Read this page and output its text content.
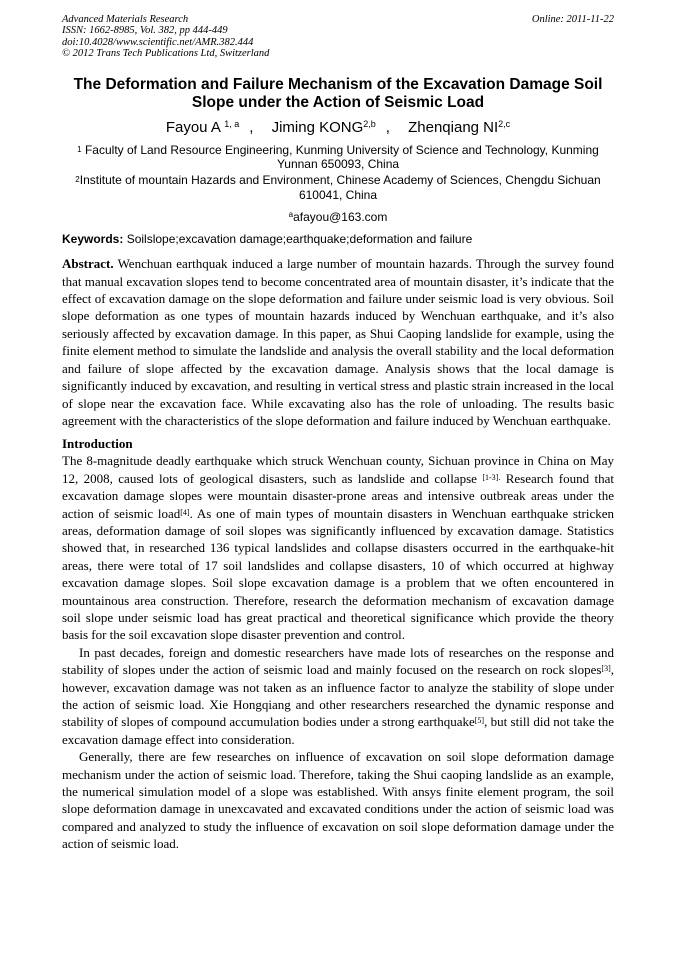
Advanced Materials Research
ISSN: 1662-8985, Vol. 382, pp 444-449
doi:10.4028/www.scientific.net/AMR.382.444
© 2012 Trans Tech Publications Ltd, Switzerland
Online: 2011-11-22
The Deformation and Failure Mechanism of the Excavation Damage Soil
Slope under the Action of Seismic Load
Fayou A $^{1, a}$ , Jiming KONG$^{2,b}$ , Zhenqiang NI$^{2,c}$
$^1$ Faculty of Land Resource Engineering, Kunming University of Science and Technology, Kunming
Yunnan 650093, China
$^2$Institute of mountain Hazards and Environment, Chinese Academy of Sciences, Chengdu Sichuan
610041, China
$^a$afayou@163.com
Keywords: Soilslope;excavation damage;earthquake;deformation and failure
Abstract. Wenchuan earthquak induced a large number of mountain hazards. Through the survey found that manual excavation slopes tend to become concentrated area of mountain disaster, it’s indicate that the effect of excavation damage on the slope deformation and failure under seismic load is very obvious. Soil slope deformation as one types of mountain hazards induced by Wenchuan earthquake, and it’s also seriously affected by excavation damage. In this paper, as Shui Caoping landslide for example, using the finite element method to simulate the landslide and analysis the overall stability and the local deformation and failure of slope affected by the excavation damage. Analysis shows that the local damage is significantly induced by excavation, and resulting in vertical stress and plastic strain increased in the local of slope near the excavation face. While excavating also has the role of unloading. The results basic agreement with the characteristics of the slope deformation and failure induced by Wenchuan earthquake.
Introduction

The 8-magnitude deadly earthquake which struck Wenchuan county, Sichuan province in China on May 12, 2008, caused lots of geological disasters, such as landslide and collapse $^{[1-3].}$ Research found that excavation damage slopes were mountain disaster-prone areas and intensive outbreak areas under the action of seismic load[4]. As one of main types of mountain disasters in Wenchuan earthquake stricken areas, deformation damage of soil slopes was significantly influenced by excavation damage. Statistics showed that, in researched 136 typical landslides and collapse disasters occurred in the earthquake-hit areas, there were total of 17 soil landslides and collapse disasters, 10 of which occurred at highway excavation damage slopes. Soil slope excavation damage is a problem that we often encountered in mountainous area construction. Therefore, research the deformation mechanism of excavation damage soil slope under seismic load has great practical and theoretical significance which provide the theory basis for the soil excavation slope disaster prevention and control.

In past decades, foreign and domestic researchers have made lots of researches on the response and stability of slopes under the action of seismic load and mainly focused on the research on rock slopes[3], however, excavation damage was not taken as an influence factor to analyze the stability of slope under the action of seismic load. Xie Hongqiang and other researchers researched the dynamic response and stability of slopes of compound accumulation bodies under a strong earthquake[5], but still did not take the excavation damage effect into consideration.

Generally, there are few researches on influence of excavation on soil slope deformation damage mechanism under the action of seismic load. Therefore, taking the Shui caoping landslide as an example, the numerical simulation model of a slope was established. With ansys finite element program, the soil slope deformation damage in unexcavated and excavated conditions under the action of seismic load was compared and analyzed to study the influence of excavation on soil slope deformation damage under the action of seismic load.
